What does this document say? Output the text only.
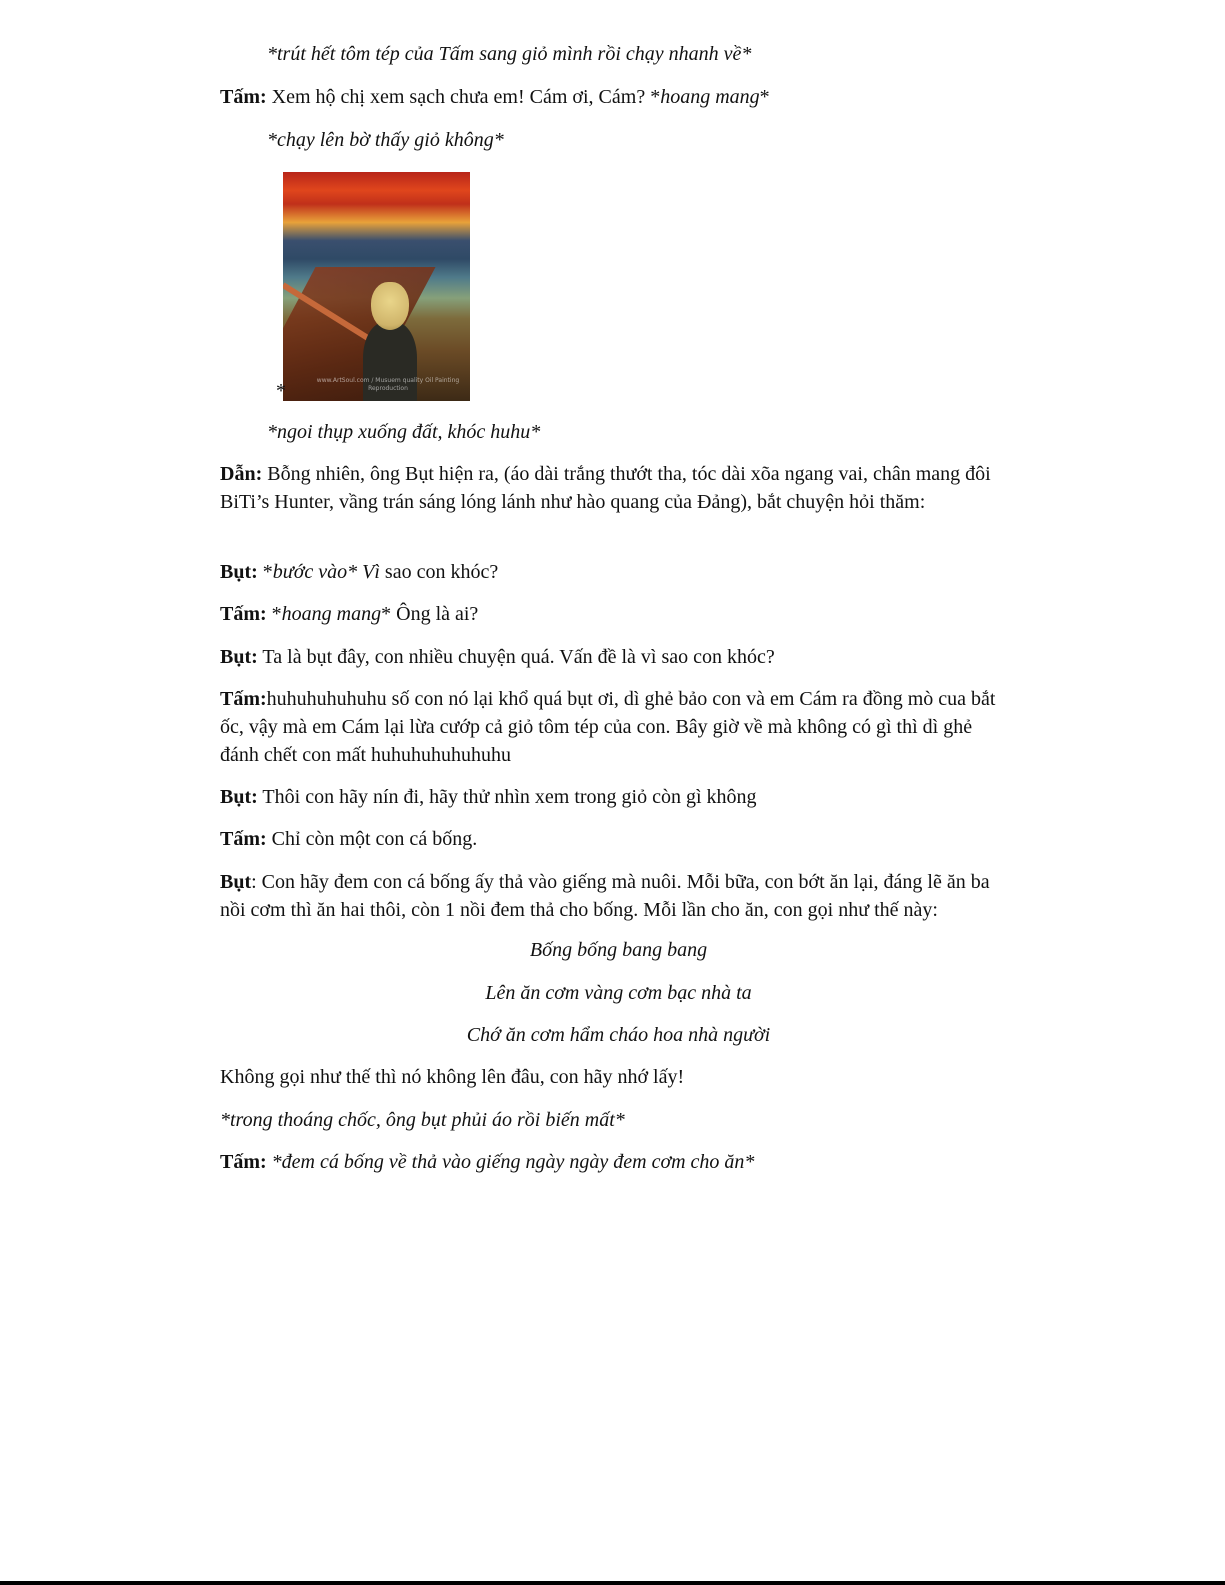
*trút hết tôm tép của Tấm sang giỏ mình rồi chạy nhanh về*

Tấm: Xem hộ chị xem sạch chưa em! Cám ơi, Cám? *hoang mang*

*chạy lên bờ thấy giỏ không*

www.ArtSoul.com / Musuem quality Oil Painting Reproduction
*

*ngoi thụp xuống đất, khóc huhu*

Dẫn: Bỗng nhiên, ông Bụt hiện ra, (áo dài trắng thướt tha, tóc dài xõa ngang vai, chân mang đôi BiTi’s Hunter, vầng trán sáng lóng lánh như hào quang của Đảng), bắt chuyện hỏi thăm:

Bụt: *bước vào* Vì sao con khóc?

Tấm: *hoang mang* Ông là ai?

Bụt: Ta là bụt đây, con nhiều chuyện quá. Vấn đề là vì sao con khóc?

Tấm:huhuhuhuhuhu số con nó lại khổ quá bụt ơi, dì ghẻ bảo con và em Cám ra đồng mò cua bắt ốc, vậy mà em Cám lại lừa cướp cả giỏ tôm tép của con. Bây giờ về mà không có gì thì dì ghẻ đánh chết con mất huhuhuhuhuhuhu

Bụt: Thôi con hãy nín đi, hãy thử nhìn xem trong giỏ còn gì không

Tấm: Chỉ còn một con cá bống.

Bụt: Con hãy đem con cá bống ấy thả vào giếng mà nuôi. Mỗi bữa, con bớt ăn lại, đáng lẽ ăn ba nồi cơm thì ăn hai thôi, còn 1 nồi đem thả cho bống. Mỗi lần cho ăn, con gọi như thế này:

Bống bống bang bang

Lên ăn cơm vàng cơm bạc nhà ta

Chớ ăn cơm hẩm cháo hoa nhà người

Không gọi như thế thì nó không lên đâu, con hãy nhớ lấy!

*trong thoáng chốc, ông bụt phủi áo rồi biến mất*

Tấm: *đem cá bống về thả vào giếng ngày ngày đem cơm cho ăn*
